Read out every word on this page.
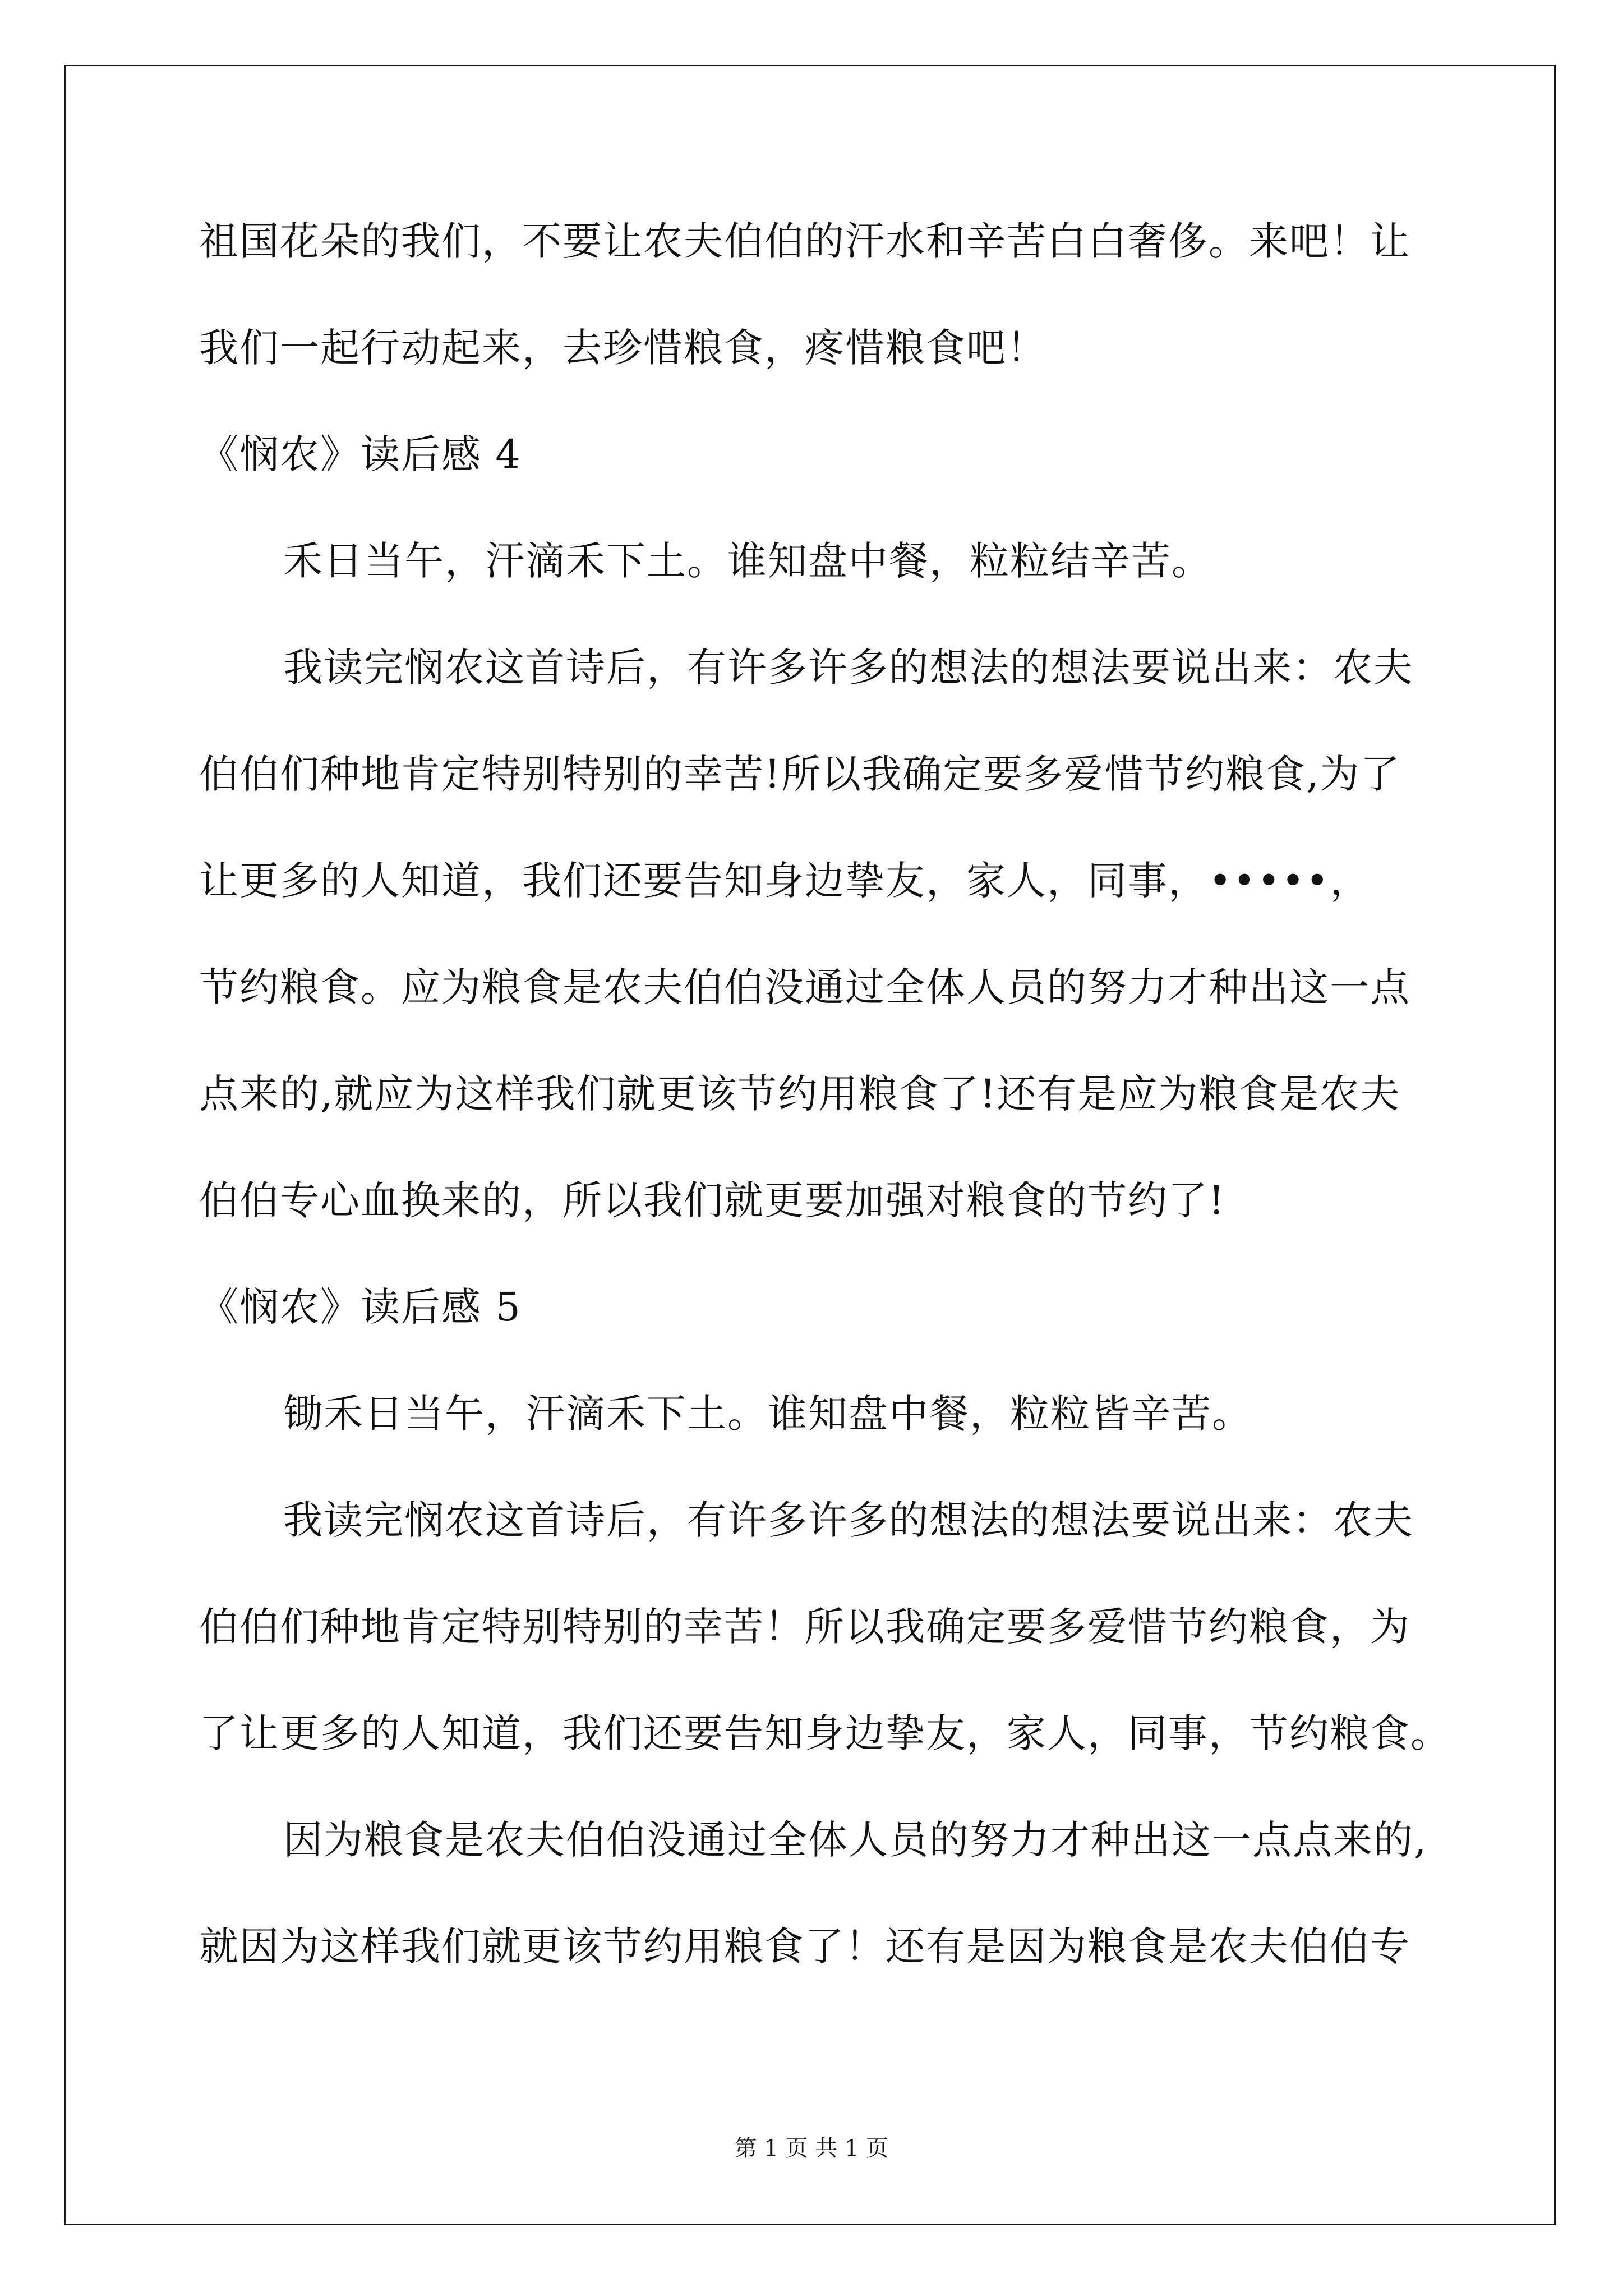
祖国花朵的我们，不要让农夫伯伯的汗水和辛苦白白奢侈。来吧！让
我们一起行动起来，去珍惜粮食，疼惜粮食吧！
《悯农》读后感 4
禾日当午，汗滴禾下土。谁知盘中餐，粒粒结辛苦。
我读完悯农这首诗后，有许多许多的想法的想法要说出来：农夫
伯伯们种地肯定特别特别的幸苦!所以我确定要多爱惜节约粮食,为了
让更多的人知道，我们还要告知身边挚友，家人，同事，•••••，
节约粮食。应为粮食是农夫伯伯没通过全体人员的努力才种出这一点
点来的,就应为这样我们就更该节约用粮食了!还有是应为粮食是农夫
伯伯专心血换来的，所以我们就更要加强对粮食的节约了!
《悯农》读后感 5
锄禾日当午，汗滴禾下土。谁知盘中餐，粒粒皆辛苦。
我读完悯农这首诗后，有许多许多的想法的想法要说出来：农夫
伯伯们种地肯定特别特别的幸苦！所以我确定要多爱惜节约粮食，为
了让更多的人知道，我们还要告知身边挚友，家人，同事，节约粮食。
因为粮食是农夫伯伯没通过全体人员的努力才种出这一点点来的,
就因为这样我们就更该节约用粮食了！还有是因为粮食是农夫伯伯专
第 1 页 共 1 页
